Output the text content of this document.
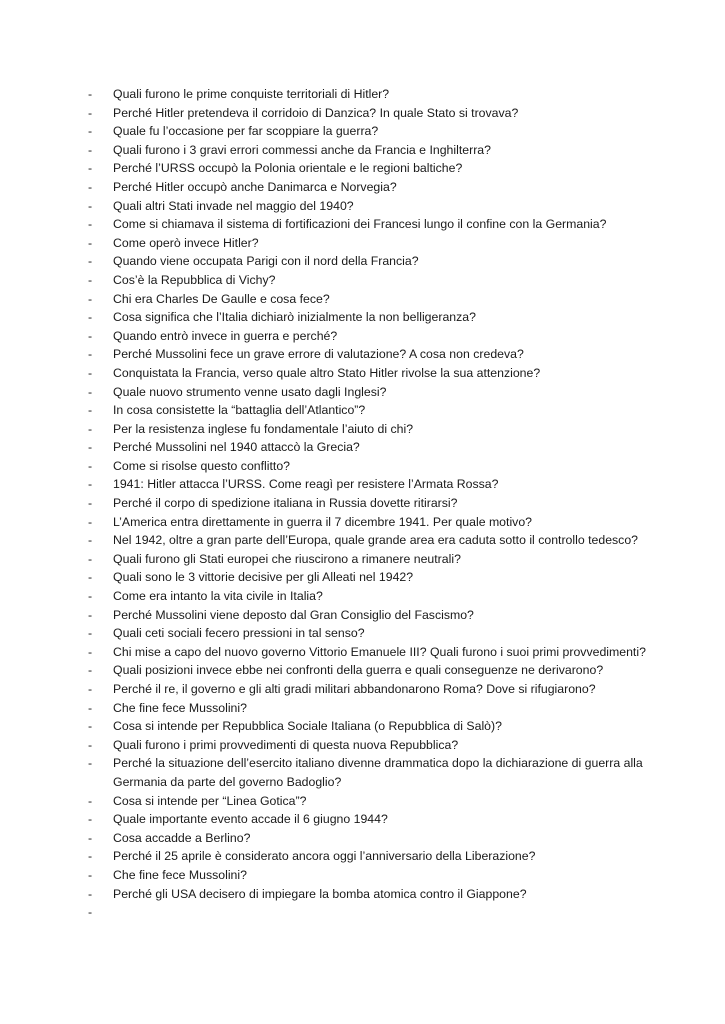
-	Quali furono le prime conquiste territoriali di Hitler?
-	Perché Hitler pretendeva il corridoio di Danzica? In quale Stato si trovava?
-	Quale fu l’occasione per far scoppiare la guerra?
-	Quali furono i 3 gravi errori commessi anche da Francia e Inghilterra?
-	Perché l’URSS occupò la Polonia orientale e le regioni baltiche?
-	Perché Hitler occupò anche Danimarca e Norvegia?
-	Quali altri Stati invade nel maggio del 1940?
-	Come si chiamava il sistema di fortificazioni dei Francesi lungo il confine con la Germania?
-	Come operò invece Hitler?
-	Quando viene occupata Parigi con il nord della Francia?
-	Cos’è la Repubblica di Vichy?
-	Chi era Charles De Gaulle e cosa fece?
-	Cosa significa che l’Italia dichiarò inizialmente la non belligeranza?
-	Quando entrò invece in guerra e perché?
-	Perché Mussolini fece un grave errore di valutazione? A cosa non credeva?
-	Conquistata la Francia, verso quale altro Stato Hitler rivolse la sua attenzione?
-	Quale nuovo strumento venne usato dagli Inglesi?
-	In cosa consistette la “battaglia dell’Atlantico”?
-	Per la resistenza inglese fu fondamentale l’aiuto di chi?
-	Perché Mussolini nel 1940 attaccò la Grecia?
-	Come si risolse questo conflitto?
-	1941: Hitler attacca l’URSS. Come reagì per resistere l’Armata Rossa?
-	Perché il corpo di spedizione italiana in Russia dovette ritirarsi?
-	L’America entra direttamente in guerra il 7 dicembre 1941. Per quale motivo?
-	Nel 1942, oltre a gran parte dell’Europa, quale grande area era caduta sotto il controllo tedesco?
-	Quali furono gli Stati europei che riuscirono a rimanere neutrali?
-	Quali sono le 3 vittorie decisive per gli Alleati nel 1942?
-	Come era intanto la vita civile in Italia?
-	Perché Mussolini viene deposto dal Gran Consiglio del Fascismo?
-	Quali ceti sociali fecero pressioni in tal senso?
-	Chi mise a capo del nuovo governo Vittorio Emanuele III? Quali furono i suoi primi provvedimenti?
-	Quali posizioni invece ebbe nei confronti della guerra e quali conseguenze ne derivarono?
-	Perché il re, il governo e gli alti gradi militari abbandonarono Roma? Dove si rifugiarono?
-	Che fine fece Mussolini?
-	Cosa si intende per Repubblica Sociale Italiana (o Repubblica di Salò)?
-	Quali furono i primi provvedimenti di questa nuova Repubblica?
-	Perché la situazione dell’esercito italiano divenne drammatica dopo la dichiarazione di guerra alla Germania da parte del governo Badoglio?
-	Cosa si intende per “Linea Gotica”?
-	Quale importante evento accade il 6 giugno 1944?
-	Cosa accadde a Berlino?
-	Perché il 25 aprile è considerato ancora oggi l’anniversario della Liberazione?
-	Che fine fece Mussolini?
-	Perché gli USA decisero di impiegare la bomba atomica contro il Giappone?
-
